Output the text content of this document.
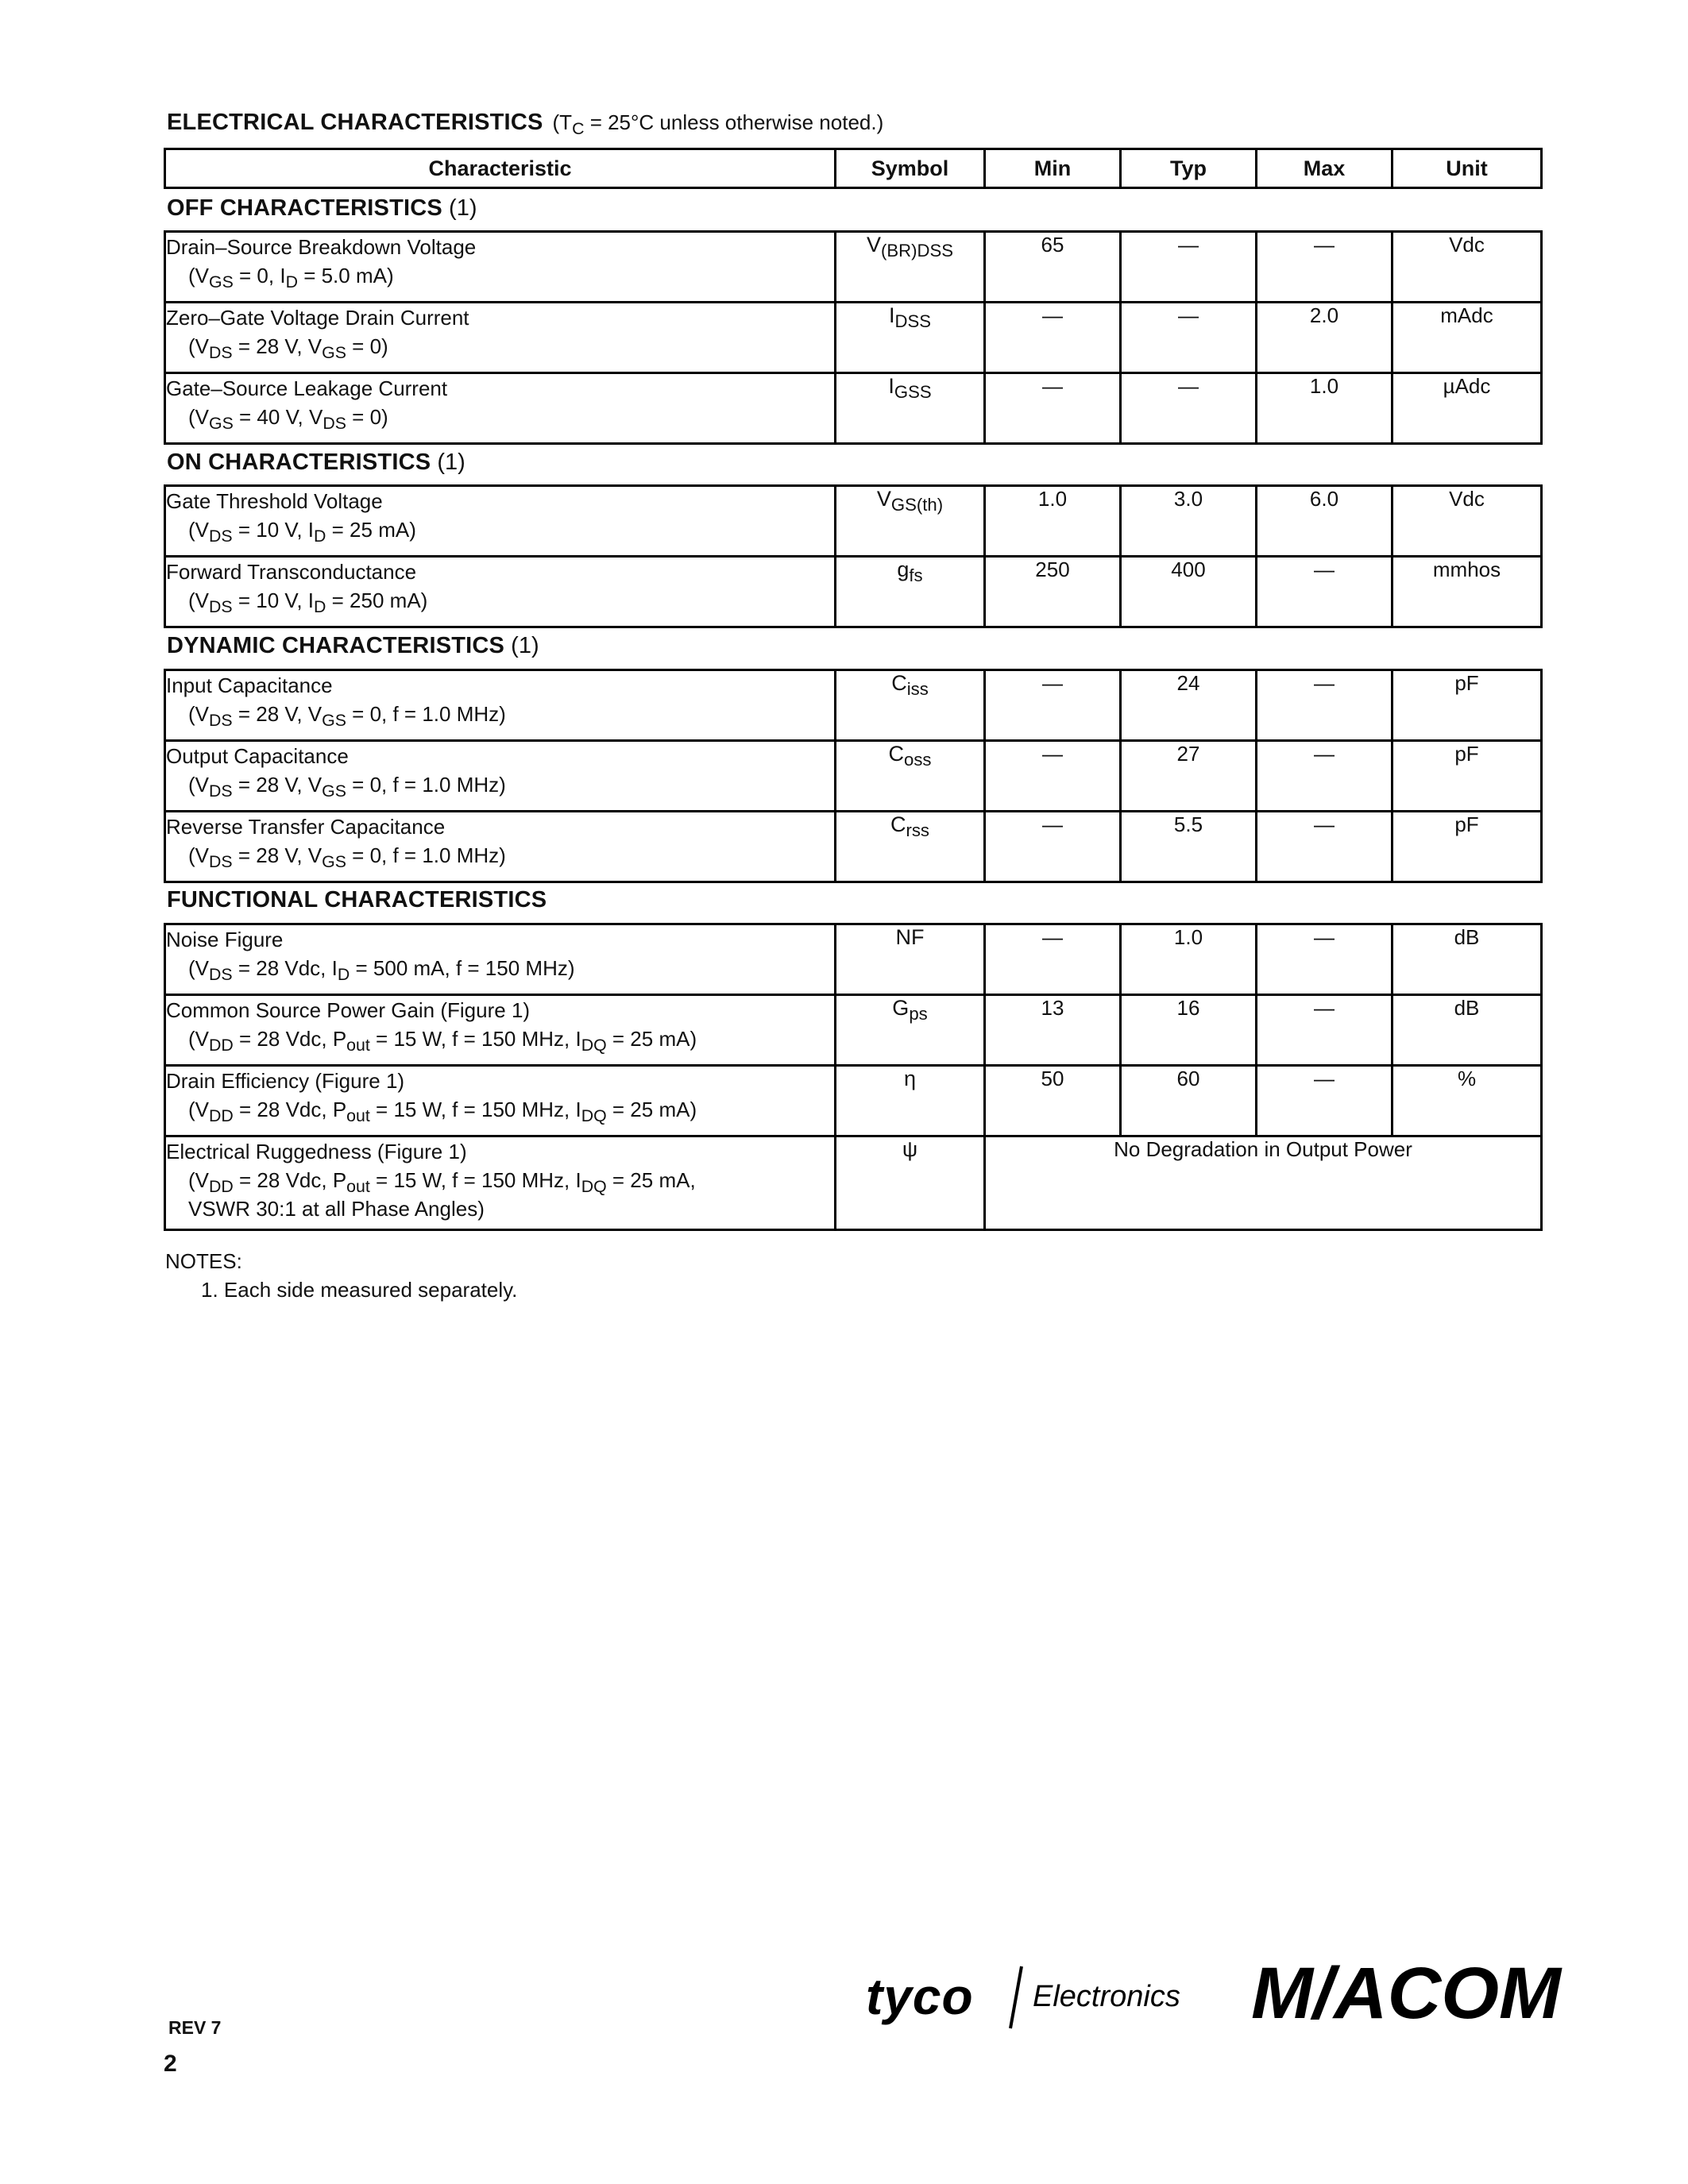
ELECTRICAL CHARACTERISTICS ($T_C = 25^\circ C$ unless otherwise noted.)
Characteristic	Symbol	Min	Typ	Max	Unit
OFF CHARACTERISTICS (1)
Drain–Source Breakdown Voltage
($V_{GS} = 0$, $I_D = 5.0$ mA)	$V_{(BR)DSS}$	65	—	—	Vdc
Zero–Gate Voltage Drain Current
($V_{DS} = 28$ V, $V_{GS} = 0$)	$I_{DSS}$	—	—	2.0	mAdc
Gate–Source Leakage Current
($V_{GS} = 40$ V, $V_{DS} = 0$)	$I_{GSS}$	—	—	1.0	µAdc
ON CHARACTERISTICS (1)
Gate Threshold Voltage
($V_{DS} = 10$ V, $I_D = 25$ mA)	$V_{GS(th)}$	1.0	3.0	6.0	Vdc
Forward Transconductance
($V_{DS} = 10$ V, $I_D = 250$ mA)	$g_{fs}$	250	400	—	mmhos
DYNAMIC CHARACTERISTICS (1)
Input Capacitance
($V_{DS} = 28$ V, $V_{GS} = 0$, f = 1.0 MHz)	$C_{iss}$	—	24	—	pF
Output Capacitance
($V_{DS} = 28$ V, $V_{GS} = 0$, f = 1.0 MHz)	$C_{oss}$	—	27	—	pF
Reverse Transfer Capacitance
($V_{DS} = 28$ V, $V_{GS} = 0$, f = 1.0 MHz)	$C_{rss}$	—	5.5	—	pF
FUNCTIONAL CHARACTERISTICS
Noise Figure
($V_{DS} = 28$ Vdc, $I_D = 500$ mA, f = 150 MHz)	NF	—	1.0	—	dB
Common Source Power Gain (Figure 1)
($V_{DD} = 28$ Vdc, $P_{out} = 15$ W, f = 150 MHz, $I_{DQ} = 25$ mA)	$G_{ps}$	13	16	—	dB
Drain Efficiency (Figure 1)
($V_{DD} = 28$ Vdc, $P_{out} = 15$ W, f = 150 MHz, $I_{DQ} = 25$ mA)	η	50	60	—	%
Electrical Ruggedness (Figure 1)
($V_{DD} = 28$ Vdc, $P_{out} = 15$ W, f = 150 MHz, $I_{DQ} = 25$ mA,
VSWR 30:1 at all Phase Angles)	ψ	No Degradation in Output Power			
NOTES:
1. Each side measured separately.
tyco Electronics M/ACOM
REV 7
2
